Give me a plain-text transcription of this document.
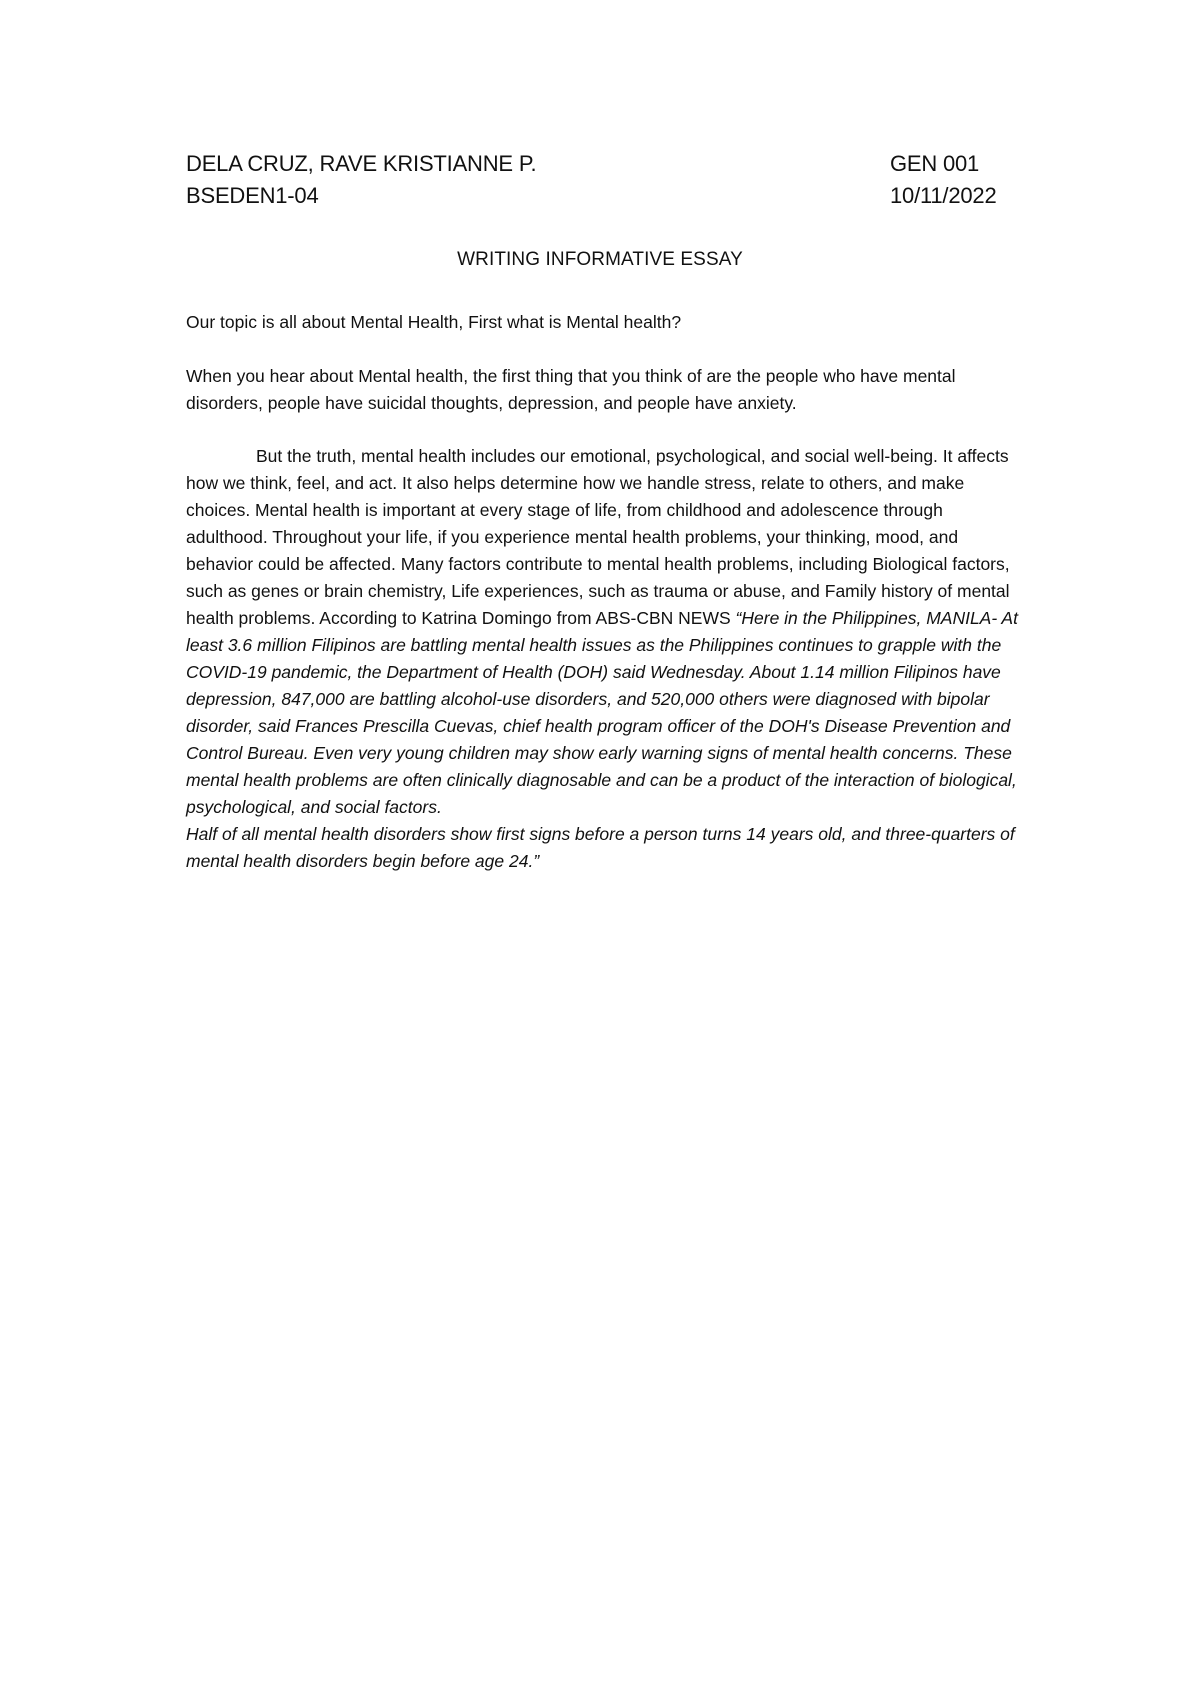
DELA CRUZ, RAVE KRISTIANNE P.	GEN 001
BSEDEN1-04	10/11/2022
WRITING INFORMATIVE ESSAY
Our topic is all about Mental Health, First what is Mental health?
When you hear about Mental health, the first thing that you think of are the people who have mental disorders, people have suicidal thoughts, depression, and people have anxiety.
But the truth, mental health includes our emotional, psychological, and social well-being. It affects how we think, feel, and act. It also helps determine how we handle stress, relate to others, and make choices. Mental health is important at every stage of life, from childhood and adolescence through adulthood. Throughout your life, if you experience mental health problems, your thinking, mood, and behavior could be affected. Many factors contribute to mental health problems, including Biological factors, such as genes or brain chemistry, Life experiences, such as trauma or abuse, and Family history of mental health problems. According to Katrina Domingo from ABS-CBN NEWS “Here in the Philippines, MANILA- At least 3.6 million Filipinos are battling mental health issues as the Philippines continues to grapple with the COVID-19 pandemic, the Department of Health (DOH) said Wednesday. About 1.14 million Filipinos have depression, 847,000 are battling alcohol-use disorders, and 520,000 others were diagnosed with bipolar disorder, said Frances Prescilla Cuevas, chief health program officer of the DOH's Disease Prevention and Control Bureau. Even very young children may show early warning signs of mental health concerns. These mental health problems are often clinically diagnosable and can be a product of the interaction of biological, psychological, and social factors.
Half of all mental health disorders show first signs before a person turns 14 years old, and three-quarters of mental health disorders begin before age 24.”
